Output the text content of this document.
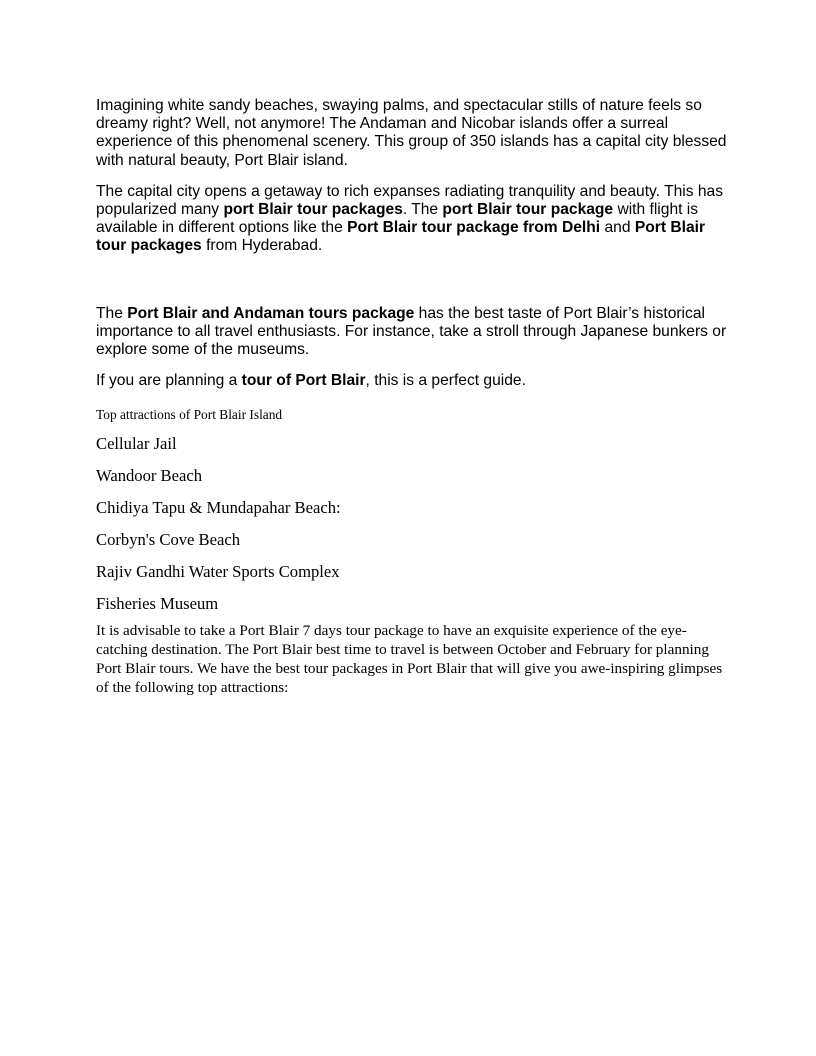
Imagining white sandy beaches, swaying palms, and spectacular stills of nature feels so dreamy right? Well, not anymore! The Andaman and Nicobar islands offer a surreal experience of this phenomenal scenery. This group of 350 islands has a capital city blessed with natural beauty, Port Blair island.

The capital city opens a getaway to rich expanses radiating tranquility and beauty. This has popularized many port Blair tour packages. The port Blair tour package with flight is available in different options like the Port Blair tour package from Delhi and Port Blair tour packages from Hyderabad.

The Port Blair and Andaman tours package has the best taste of Port Blair’s historical importance to all travel enthusiasts. For instance, take a stroll through Japanese bunkers or explore some of the museums.

If you are planning a tour of Port Blair, this is a perfect guide.

Top attractions of Port Blair Island

Cellular Jail
Wandoor Beach
Chidiya Tapu & Mundapahar Beach:
Corbyn's Cove Beach
Rajiv Gandhi Water Sports Complex
Fisheries Museum

It is advisable to take a Port Blair 7 days tour package to have an exquisite experience of the eye-catching destination. The Port Blair best time to travel is between October and February for planning Port Blair tours. We have the best tour packages in Port Blair that will give you awe-inspiring glimpses of the following top attractions:
